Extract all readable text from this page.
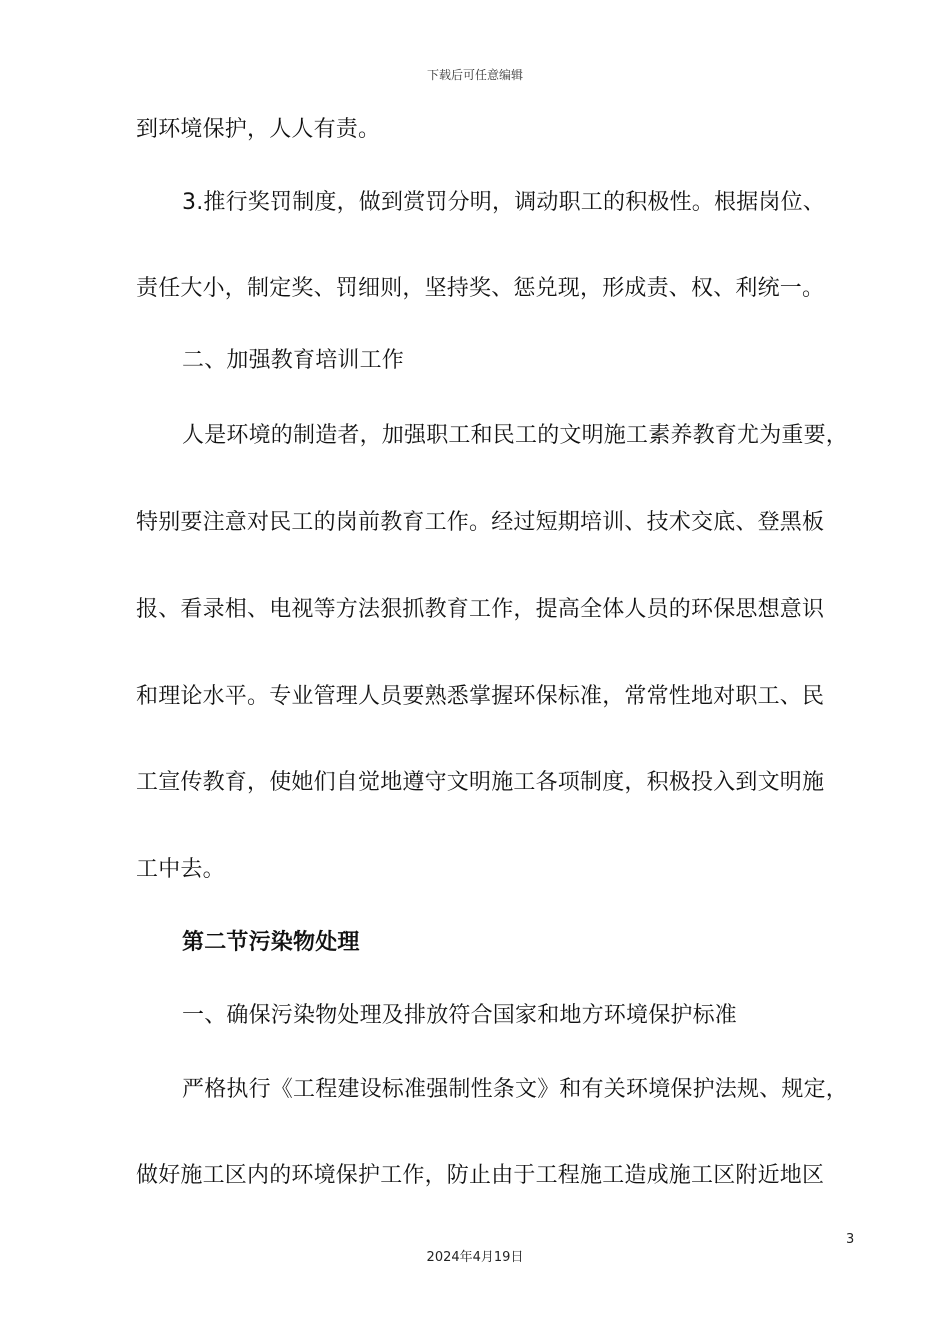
下载后可任意编辑
到环境保护，人人有责。
3.推行奖罚制度，做到赏罚分明，调动职工的积极性。根据岗位、
责任大小，制定奖、罚细则，坚持奖、惩兑现，形成责、权、利统一。
二、加强教育培训工作
人是环境的制造者，加强职工和民工的文明施工素养教育尤为重要，
特别要注意对民工的岗前教育工作。经过短期培训、技术交底、登黑板
报、看录相、电视等方法狠抓教育工作，提高全体人员的环保思想意识
和理论水平。专业管理人员要熟悉掌握环保标准，常常性地对职工、民
工宣传教育，使她们自觉地遵守文明施工各项制度，积极投入到文明施
工中去。
第二节污染物处理
一、确保污染物处理及排放符合国家和地方环境保护标准
严格执行《工程建设标准强制性条文》和有关环境保护法规、规定，
做好施工区内的环境保护工作，防止由于工程施工造成施工区附近地区
3
2024年4月19日
